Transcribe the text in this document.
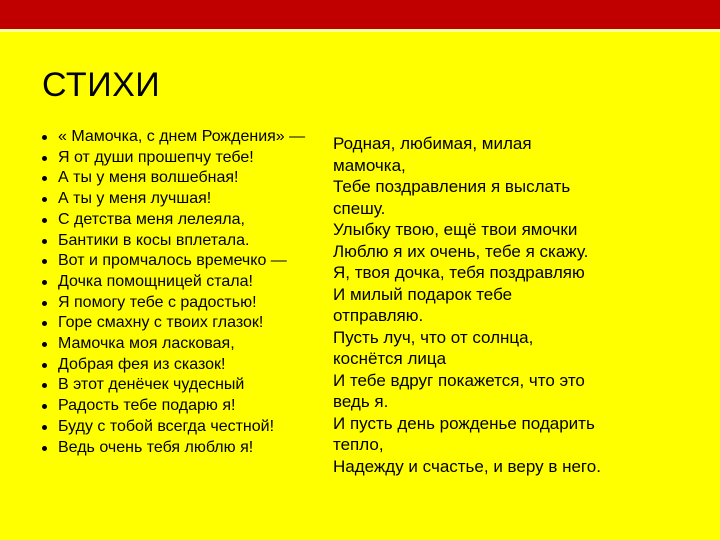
СТИХИ
« Мамочка, с днем Рождения» —
Я от души прошепчу тебе!
А ты у меня волшебная!
А ты у меня лучшая!
С детства меня лелеяла,
Бантики в косы вплетала.
Вот и промчалось времечко —
Дочка помощницей стала!
Я помогу тебе с радостью!
Горе смахну с твоих глазок!
Мамочка моя ласковая,
Добрая фея из сказок!
В этот денёчек чудесный
Радость тебе подарю я!
Буду с тобой всегда честной!
Ведь очень тебя люблю я!
Родная, любимая, милая
мамочка,
Тебе поздравления я выслать
спешу.
Улыбку твою, ещё твои ямочки
Люблю я их очень, тебе я скажу.
Я, твоя дочка, тебя поздравляю
И милый подарок тебе
отправляю.
Пусть луч, что от солнца,
коснётся лица
И тебе вдруг покажется, что это
ведь я.
И пусть день рожденье подарить
тепло,
Надежду и счастье, и веру в него.
